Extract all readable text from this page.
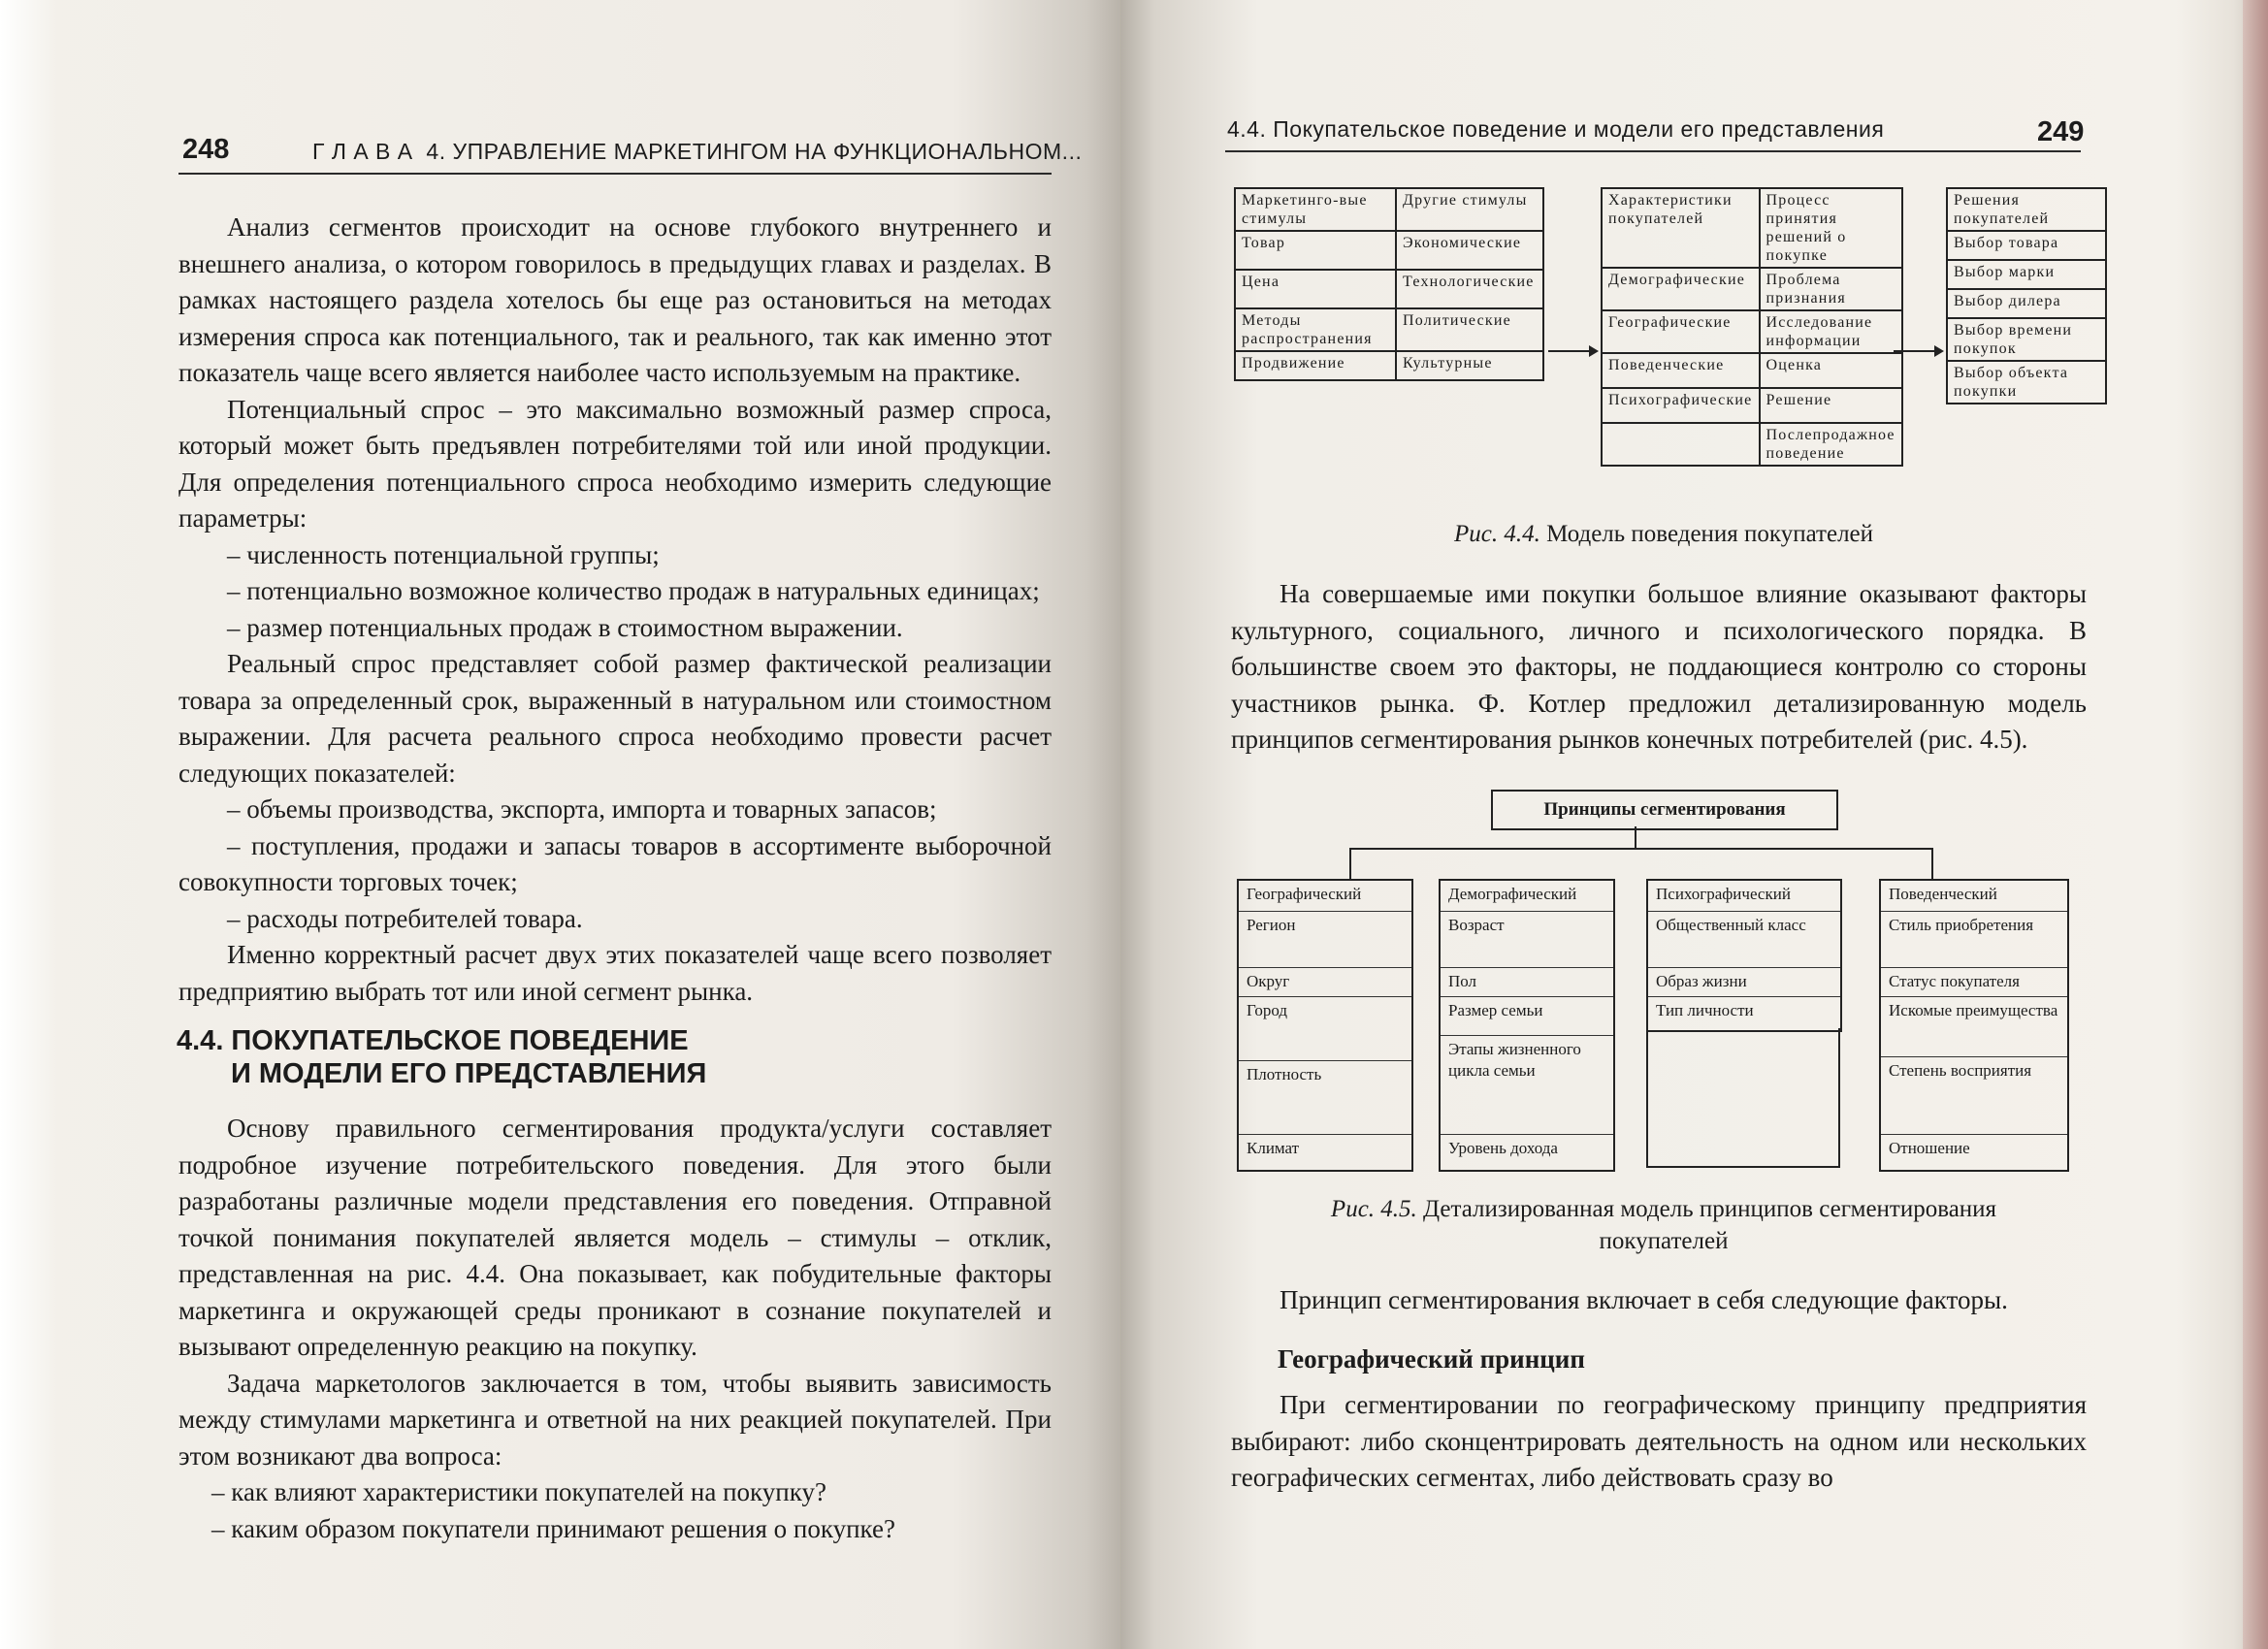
248	Г Л А В А  4. УПРАВЛЕНИЕ МАРКЕТИНГОМ НА ФУНКЦИОНАЛЬНОМ...

Анализ сегментов происходит на основе глубокого внутреннего и внешнего анализа, о котором говорилось в предыдущих главах и разделах. В рамках настоящего раздела хотелось бы еще раз остановиться на методах измерения спроса как потенциального, так и реального, так как именно этот показатель чаще всего является наиболее часто используемым на практике.

Потенциальный спрос – это максимально возможный размер спроса, который может быть предъявлен потребителями той или иной продукции. Для определения потенциального спроса необходимо измерить следующие параметры:

– численность потенциальной группы;

– потенциально возможное количество продаж в натуральных единицах;

– размер потенциальных продаж в стоимостном выражении.

Реальный спрос представляет собой размер фактической реализации товара за определенный срок, выраженный в натуральном или стоимостном выражении. Для расчета реального спроса необходимо провести расчет следующих показателей:

– объемы производства, экспорта, импорта и товарных запасов;

– поступления, продажи и запасы товаров в ассортименте выборочной совокупности торговых точек;

– расходы потребителей товара.

Именно корректный расчет двух этих показателей чаще всего позволяет предприятию выбрать тот или иной сегмент рынка.

4.4. ПОКУПАТЕЛЬСКОЕ ПОВЕДЕНИЕ
И МОДЕЛИ ЕГО ПРЕДСТАВЛЕНИЯ

Основу правильного сегментирования продукта/услуги составляет подробное изучение потребительского поведения. Для этого были разработаны различные модели представления его поведения. Отправной точкой понимания покупателей является модель – стимулы – отклик, представленная на рис. 4.4. Она показывает, как побудительные факторы маркетинга и окружающей среды проникают в сознание покупателей и вызывают определенную реакцию на покупку.

Задача маркетологов заключается в том, чтобы выявить зависимость между стимулами маркетинга и ответной на них реакцией покупателей. При этом возникают два вопроса:

– как влияют характеристики покупателей на покупку?

– каким образом покупатели принимают решения о покупке?

4.4. Покупательское поведение и модели его представления	249
Маркетинго-вые стимулы	Другие стимулы
Товар	Экономические
Цена	Технологические
Методы распространения	Политические
Продвижение	Культурные
Характеристики покупателей	Процесс принятия решений о покупке
Демографические	Проблема признания
Географические	Исследование информации
Поведенческие	Оценка
Психографические	Решение
	Послепродажное поведение
Решения покупателей
Выбор товара
Выбор марки
Выбор дилера
Выбор времени покупок
Выбор объекта покупки
Рис. 4.4. Модель поведения покупателей

На совершаемые ими покупки большое влияние оказывают факторы культурного, социального, личного и психологического порядка. В большинстве своем это факторы, не поддающиеся контролю со стороны участников рынка. Ф. Котлер предложил детализированную модель принципов сегментирования рынков конечных потребителей (рис. 4.5).

Принципы сегментирования
Географический
Регион
Округ
Город
Плотность
Климат
Демографический
Возраст
Пол
Размер семьи
Этапы жизненного цикла семьи
Уровень дохода
Психографический
Общественный класс
Образ жизни
Тип личности
Поведенческий
Стиль приобретения
Статус покупателя
Искомые преимущества
Степень восприятия
Отношение
Рис. 4.5. Детализированная модель принципов сегментирования
покупателей

Принцип сегментирования включает в себя следующие факторы.

Географический принцип

При сегментировании по географическому принципу предприятия выбирают: либо сконцентрировать деятельность на одном или нескольких географических сегментах, либо действовать сразу во
